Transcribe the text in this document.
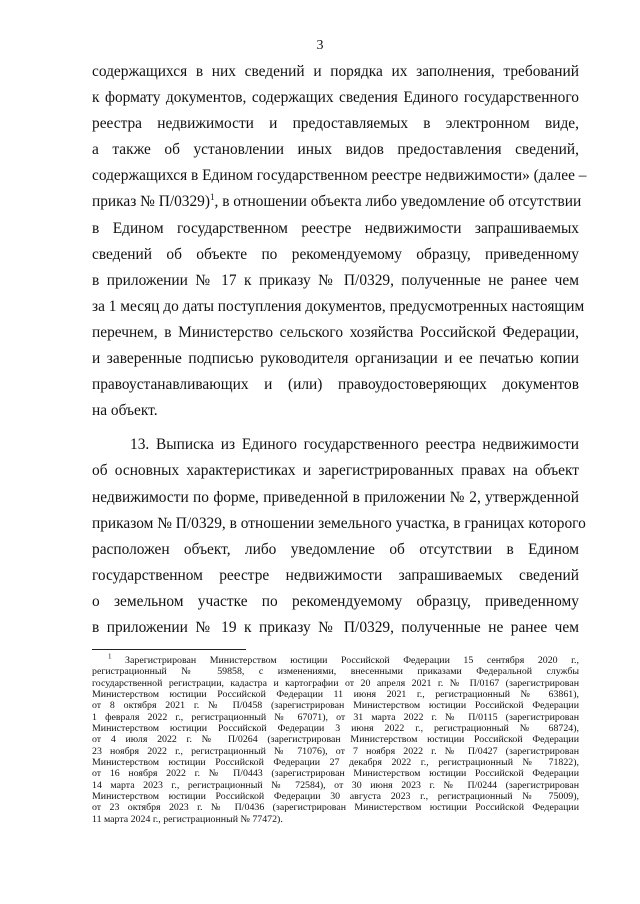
3
содержащихся в них сведений и порядка их заполнения, требований
к формату документов, содержащих сведения Единого государственного
реестра недвижимости и предоставляемых в электронном виде,
а также об установлении иных видов предоставления сведений,
содержащихся в Едином государственном реестре недвижимости» (далее –
приказ № П/0329)$^1$, в отношении объекта либо уведомление об отсутствии
в Едином государственном реестре недвижимости запрашиваемых
сведений об объекте по рекомендуемому образцу, приведенному
в приложении № 17 к приказу № П/0329, полученные не ранее чем
за 1 месяц до даты поступления документов, предусмотренных настоящим
перечнем, в Министерство сельского хозяйства Российской Федерации,
и заверенные подписью руководителя организации и ее печатью копии
правоустанавливающих и (или) правоудостоверяющих документов
на объект.
13. Выписка из Единого государственного реестра недвижимости
об основных характеристиках и зарегистрированных правах на объект
недвижимости по форме, приведенной в приложении № 2, утвержденной
приказом № П/0329, в отношении земельного участка, в границах которого
расположен объект, либо уведомление об отсутствии в Едином
государственном реестре недвижимости запрашиваемых сведений
о земельном участке по рекомендуемому образцу, приведенному
в приложении № 19 к приказу № П/0329, полученные не ранее чем
$^1$ Зарегистрирован Министерством юстиции Российской Федерации 15 сентября 2020 г.,
регистрационный № 59858, с изменениями, внесенными приказами Федеральной службы
государственной регистрации, кадастра и картографии от 20 апреля 2021 г. № П/0167 (зарегистрирован
Министерством юстиции Российской Федерации 11 июня 2021 г., регистрационный № 63861),
от 8 октября 2021 г. № П/0458 (зарегистрирован Министерством юстиции Российской Федерации
1 февраля 2022 г., регистрационный № 67071), от 31 марта 2022 г. № П/0115 (зарегистрирован
Министерством юстиции Российской Федерации 3 июня 2022 г., регистрационный № 68724),
от 4 июля 2022 г. № П/0264 (зарегистрирован Министерством юстиции Российской Федерации
23 ноября 2022 г., регистрационный № 71076), от 7 ноября 2022 г. № П/0427 (зарегистрирован
Министерством юстиции Российской Федерации 27 декабря 2022 г., регистрационный № 71822),
от 16 ноября 2022 г. № П/0443 (зарегистрирован Министерством юстиции Российской Федерации
14 марта 2023 г., регистрационный № 72584), от 30 июня 2023 г. № П/0244 (зарегистрирован
Министерством юстиции Российской Федерации 30 августа 2023 г., регистрационный № 75009),
от 23 октября 2023 г. № П/0436 (зарегистрирован Министерством юстиции Российской Федерации
11 марта 2024 г., регистрационный № 77472).
